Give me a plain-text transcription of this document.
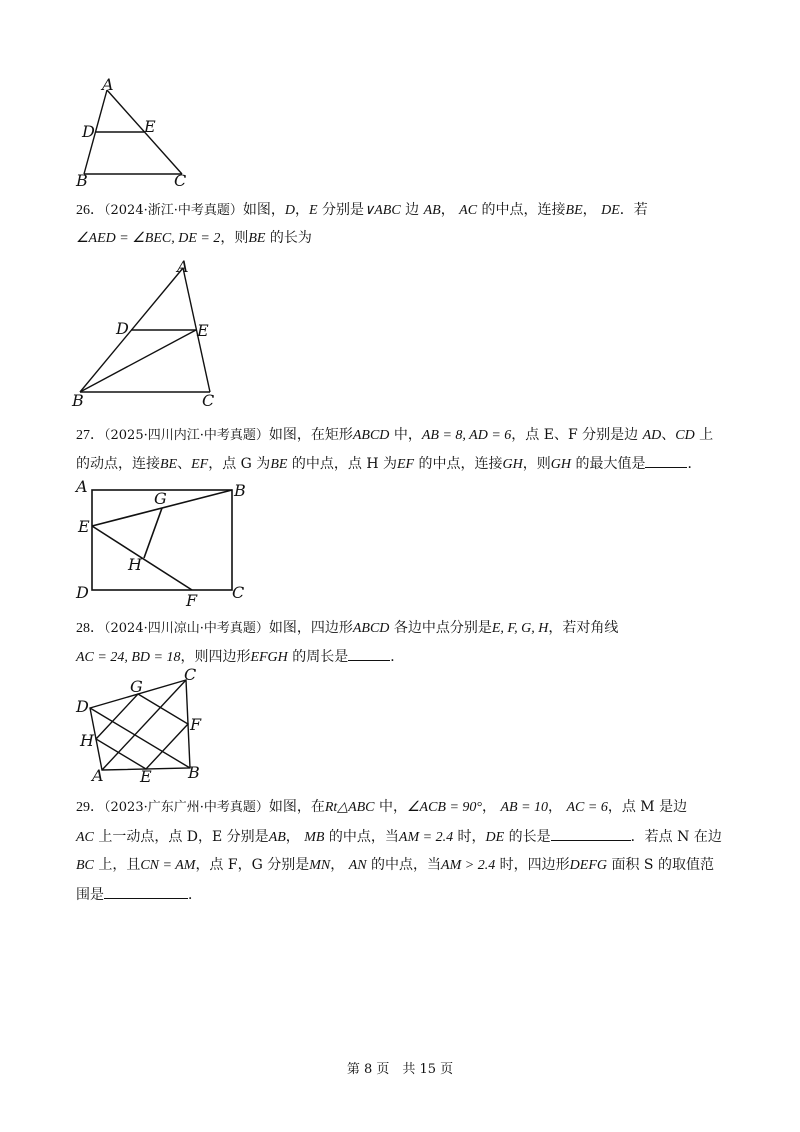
A
D	E
B	C
26．（2024·浙江·中考真题）如图，D，E 分别是∨ABC 边 AB， AC 的中点，连接BE， DE．若
∠AED = ∠BEC, DE = 2，则BE 的长为
A
D	E
B	C
27．（2025·四川内江·中考真题）如图，在矩形ABCD 中，AB = 8, AD = 6，点 E、F 分别是边 AD、CD 上
的动点，连接BE、EF，点 G 为BE 的中点，点 H 为EF 的中点，连接GH，则GH 的最大值是	．
A	B
G
E
H
D	F C
28．（2024·四川凉山·中考真题）如图，四边形ABCD 各边中点分别是E, F, G, H，若对角线
AC = 24, BD = 18，则四边形EFGH 的周长是	．
C
G
D
F
H
A E B
29．（2023·广东广州·中考真题）如图，在Rt△ABC 中，∠ACB = 90°， AB = 10， AC = 6，点 M 是边
AC 上一动点，点 D，E 分别是AB， MB 的中点，当AM = 2.4 时，DE 的长是	．若点 N 在边
BC 上，且CN = AM，点 F，G 分别是MN， AN 的中点，当AM > 2.4 时，四边形DEFG 面积 S 的取值范
围是	．
第 8 页　共 15 页
